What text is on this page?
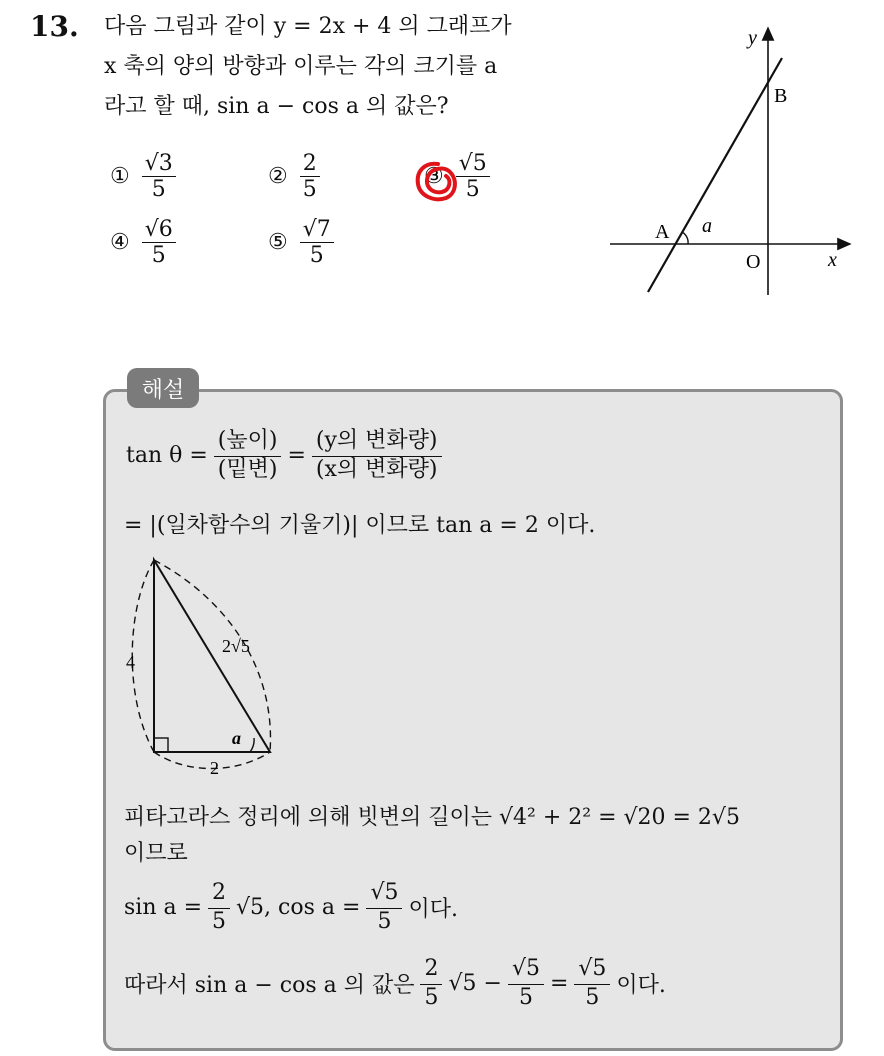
13. 다음 그림과 같이 y = 2x + 4 의 그래프가
x 축의 양의 방향과 이루는 각의 크기를 a
라고 할 때, sin a − cos a 의 값은?
① $\frac{√3}{5}$	② $\frac{2}{5}$	③ $\frac{√5}{5}$
④ $\frac{√6}{5}$	⑤ $\frac{√7}{5}$
y
x
O
A
B
a
해설
tan θ =
(높이)
(밑변)
=
(y의 변화량)
(x의 변화량)
= |(일차함수의 기울기)| 이므로 tan a = 2 이다.
4
2√5
2
a
피타고라스 정리에 의해 빗변의 길이는 √4² + 2² = √20 = 2√5
이므로
$\sin a = \frac{2}{5} √5$, $\cos a = \frac{√5}{5}$ 이다.
따라서 sin a − cos a 의 값은 $\frac{2}{5} √5 - \frac{√5}{5} = \frac{√5}{5}$ 이다.
